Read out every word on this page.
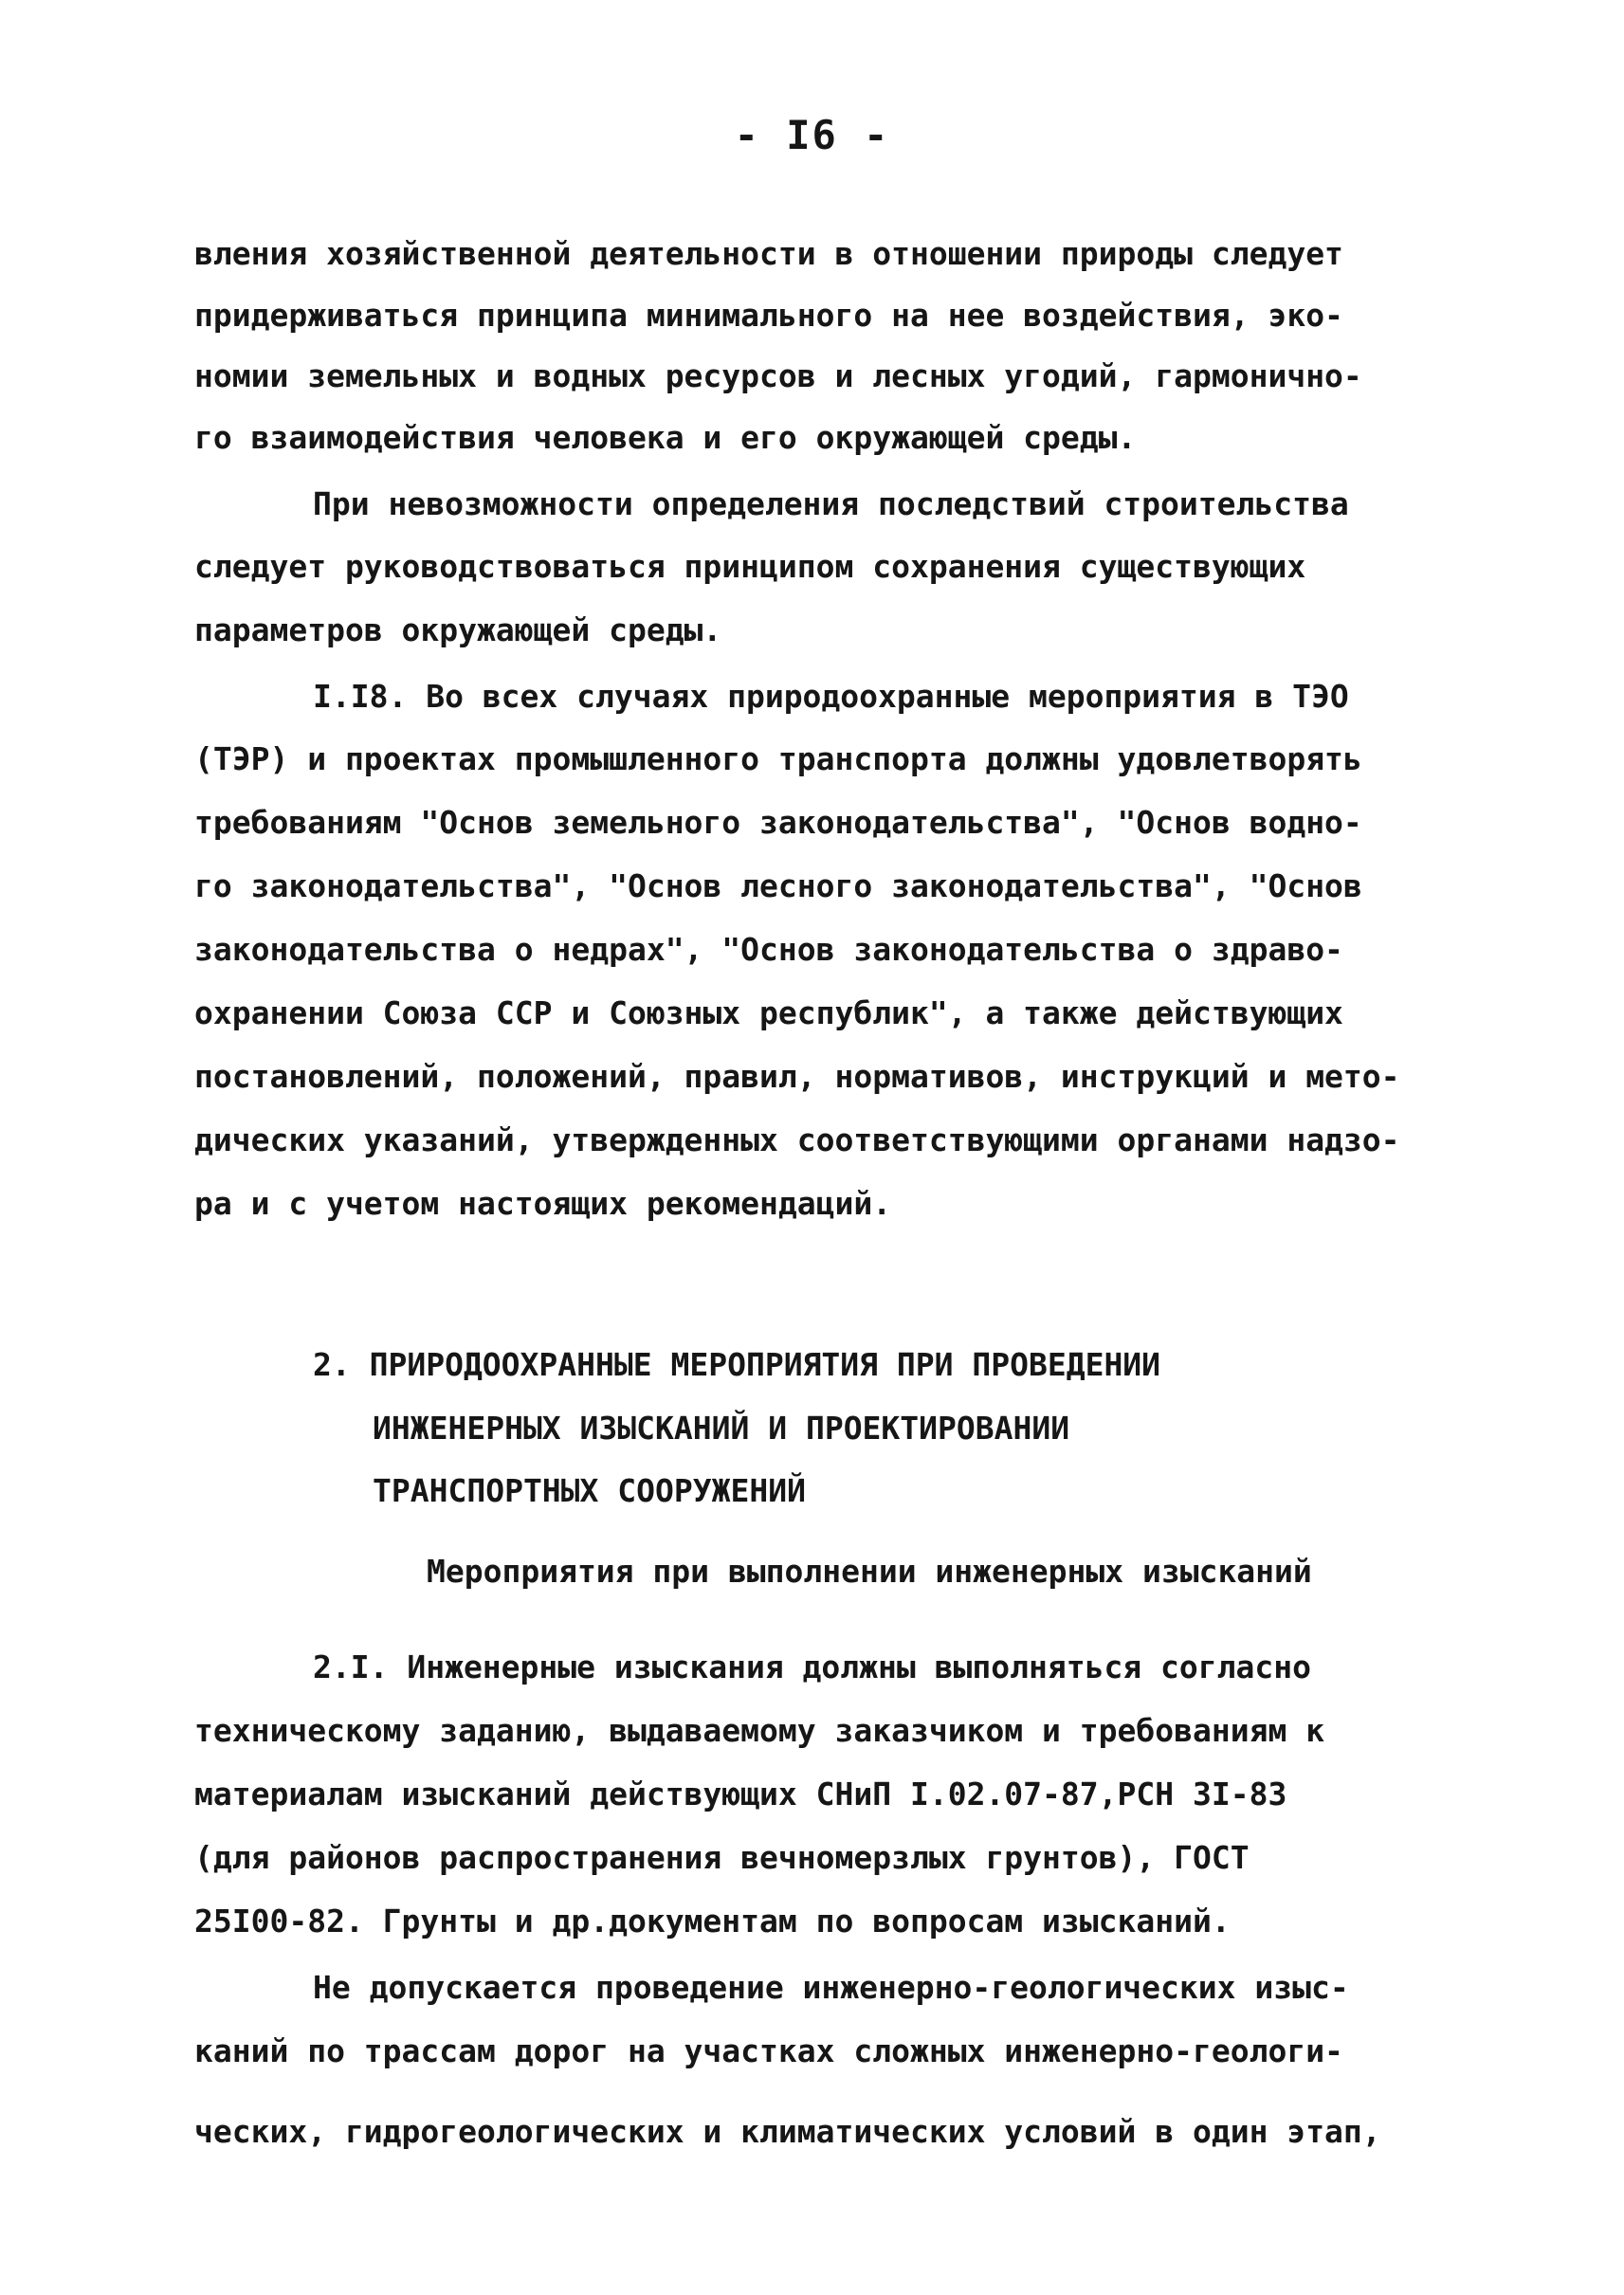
- I6 -
вления хозяйственной деятельности в отношении природы следует
придерживаться принципа минимального на нее воздействия, эко-
номии земельных и водных ресурсов и лесных угодий, гармонично-
го взаимодействия человека и его окружающей среды.
При невозможности определения последствий строительства
следует руководствоваться принципом сохранения существующих
параметров окружающей среды.
I.I8. Во всех случаях природоохранные мероприятия в ТЭО
(ТЭР) и проектах промышленного транспорта должны удовлетворять
требованиям "Основ земельного законодательства", "Основ водно-
го законодательства", "Основ лесного законодательства", "Основ
законодательства о недрах", "Основ законодательства о здраво-
охранении Союза ССР и Союзных республик", а также действующих
постановлений, положений, правил, нормативов, инструкций и мето-
дических указаний, утвержденных соответствующими органами надзо-
ра и с учетом настоящих рекомендаций.
2. ПРИРОДООХРАННЫЕ МЕРОПРИЯТИЯ ПРИ ПРОВЕДЕНИИ
ИНЖЕНЕРНЫХ ИЗЫСКАНИЙ И ПРОЕКТИРОВАНИИ
ТРАНСПОРТНЫХ СООРУЖЕНИЙ
Мероприятия при выполнении инженерных изысканий
2.I. Инженерные изыскания должны выполняться согласно
техническому заданию, выдаваемому заказчиком и требованиям к
материалам изысканий действующих СНиП I.02.07-87,РСН 3I-83
(для районов распространения вечномерзлых грунтов), ГОСТ
25I00-82. Грунты и др.документам по вопросам изысканий.
Не допускается проведение инженерно-геологических изыс-
каний по трассам дорог на участках сложных инженерно-геологи-
ческих, гидрогеологических и климатических условий в один этап,
